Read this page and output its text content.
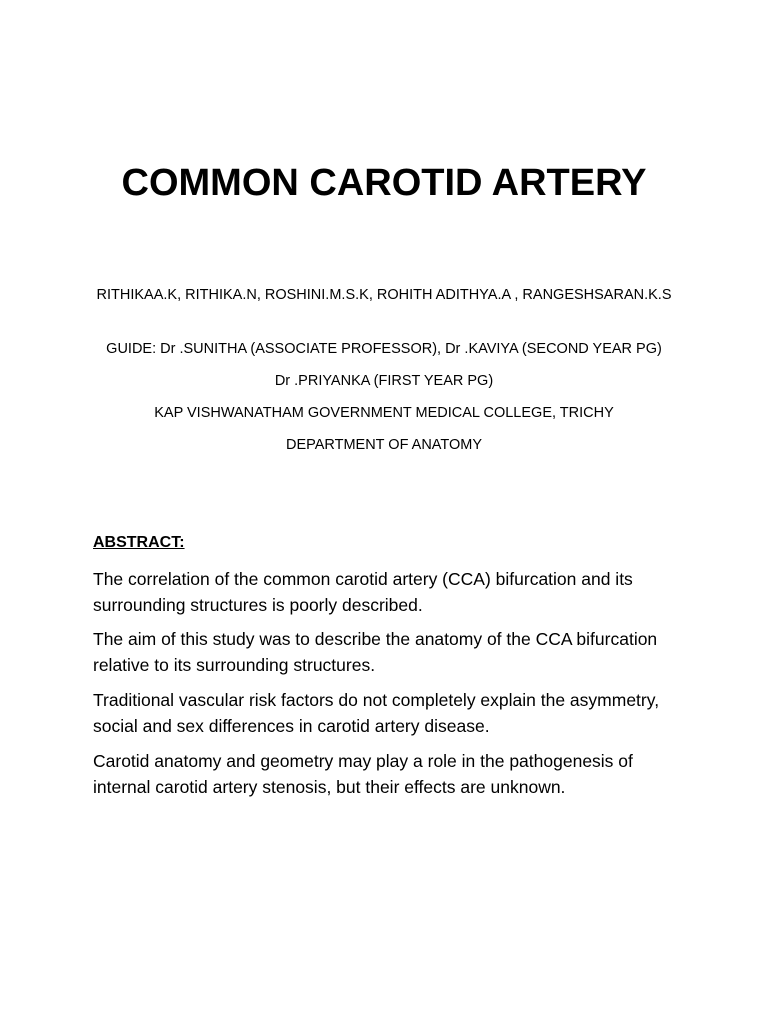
COMMON CAROTID ARTERY

RITHIKAA.K, RITHIKA.N, ROSHINI.M.S.K, ROHITH ADITHYA.A , RANGESHSARAN.K.S

GUIDE: Dr .SUNITHA (ASSOCIATE PROFESSOR), Dr .KAVIYA (SECOND YEAR PG)

Dr .PRIYANKA (FIRST YEAR PG)

KAP VISHWANATHAM GOVERNMENT MEDICAL COLLEGE, TRICHY

DEPARTMENT OF ANATOMY

ABSTRACT:

The correlation of the common carotid artery (CCA) bifurcation and its surrounding structures is poorly described.

The aim of this study was to describe the anatomy of the CCA bifurcation relative to its surrounding structures.

Traditional vascular risk factors do not completely explain the asymmetry, social and sex differences in carotid artery disease.

Carotid anatomy and geometry may play a role in the pathogenesis of internal carotid artery stenosis, but their effects are unknown.
